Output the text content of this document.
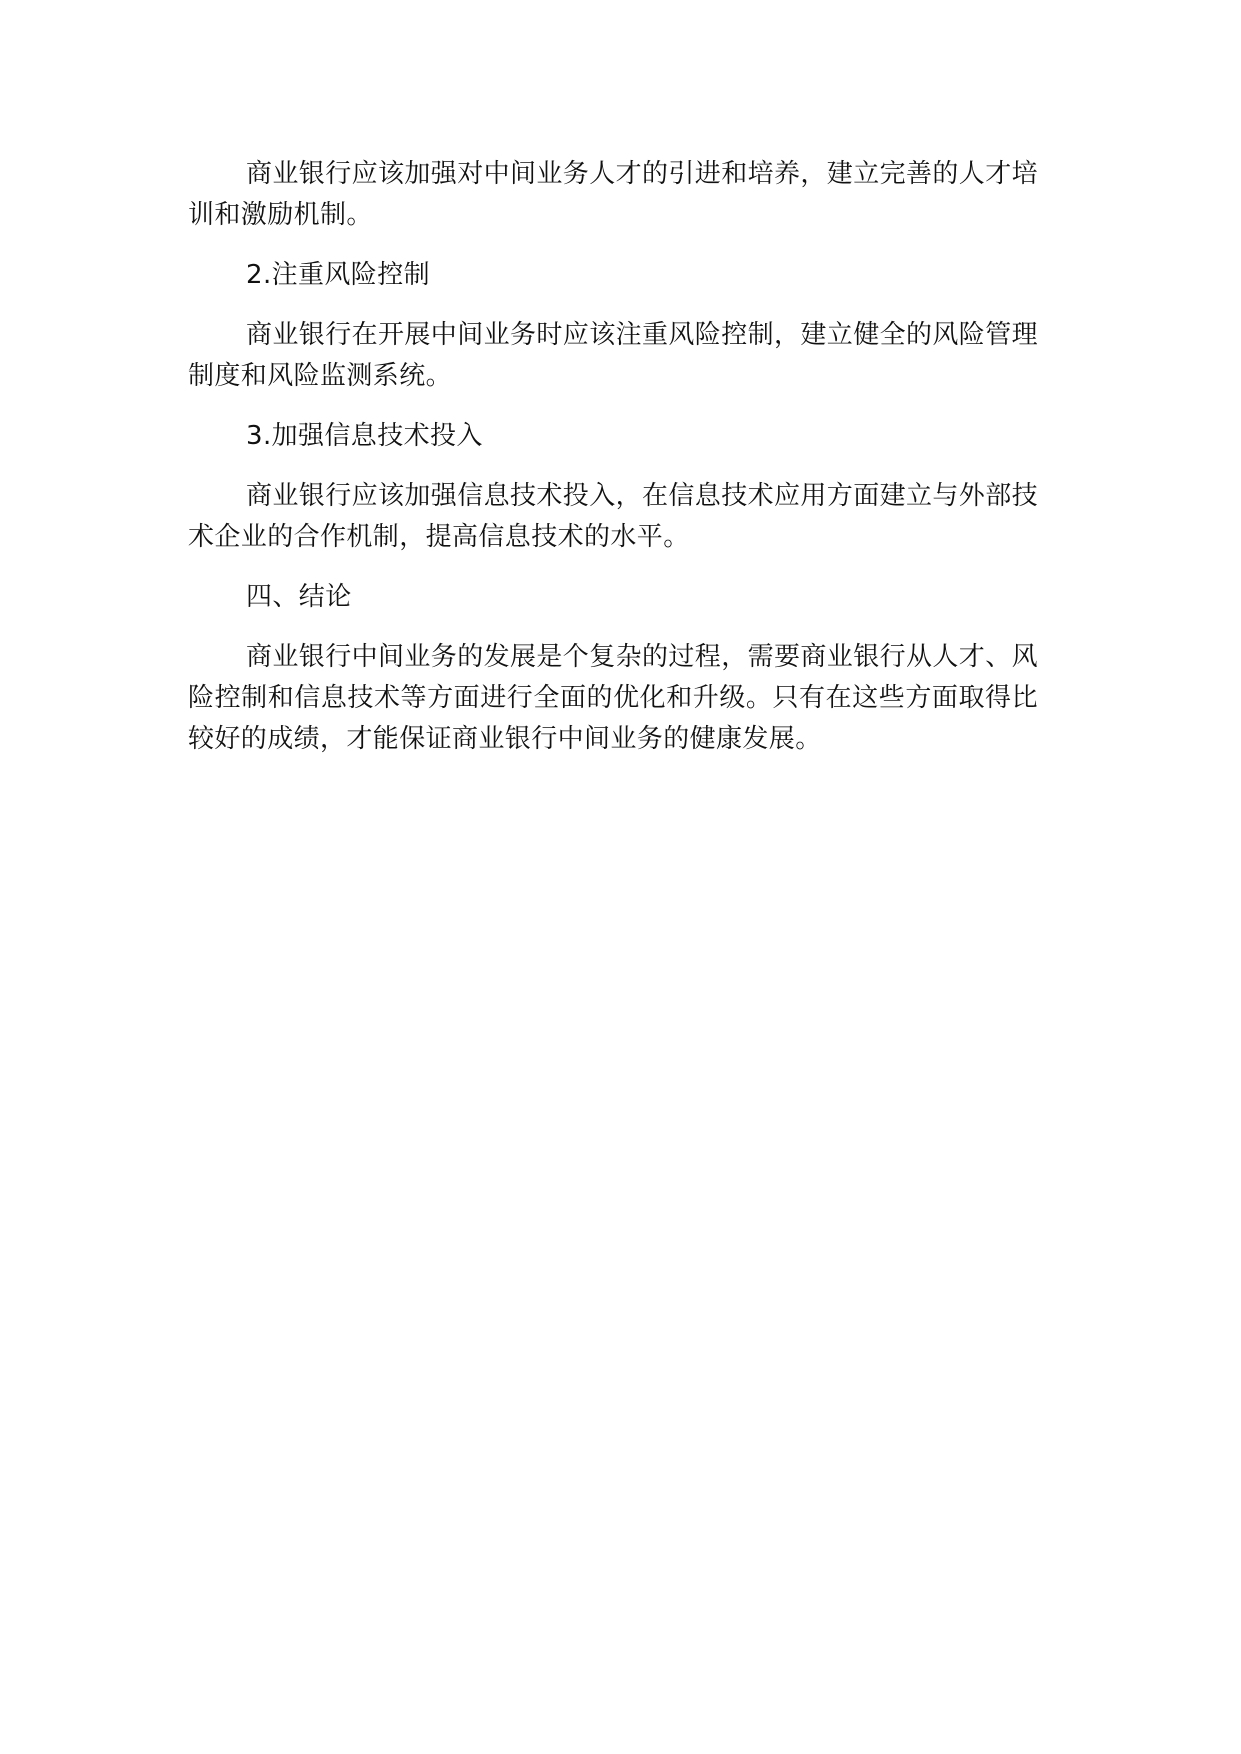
商业银行应该加强对中间业务人才的引进和培养，建立完善的人才培训和激励机制。

2.注重风险控制

商业银行在开展中间业务时应该注重风险控制，建立健全的风险管理制度和风险监测系统。

3.加强信息技术投入

商业银行应该加强信息技术投入，在信息技术应用方面建立与外部技术企业的合作机制，提高信息技术的水平。

四、结论

商业银行中间业务的发展是个复杂的过程，需要商业银行从人才、风险控制和信息技术等方面进行全面的优化和升级。只有在这些方面取得比较好的成绩，才能保证商业银行中间业务的健康发展。
